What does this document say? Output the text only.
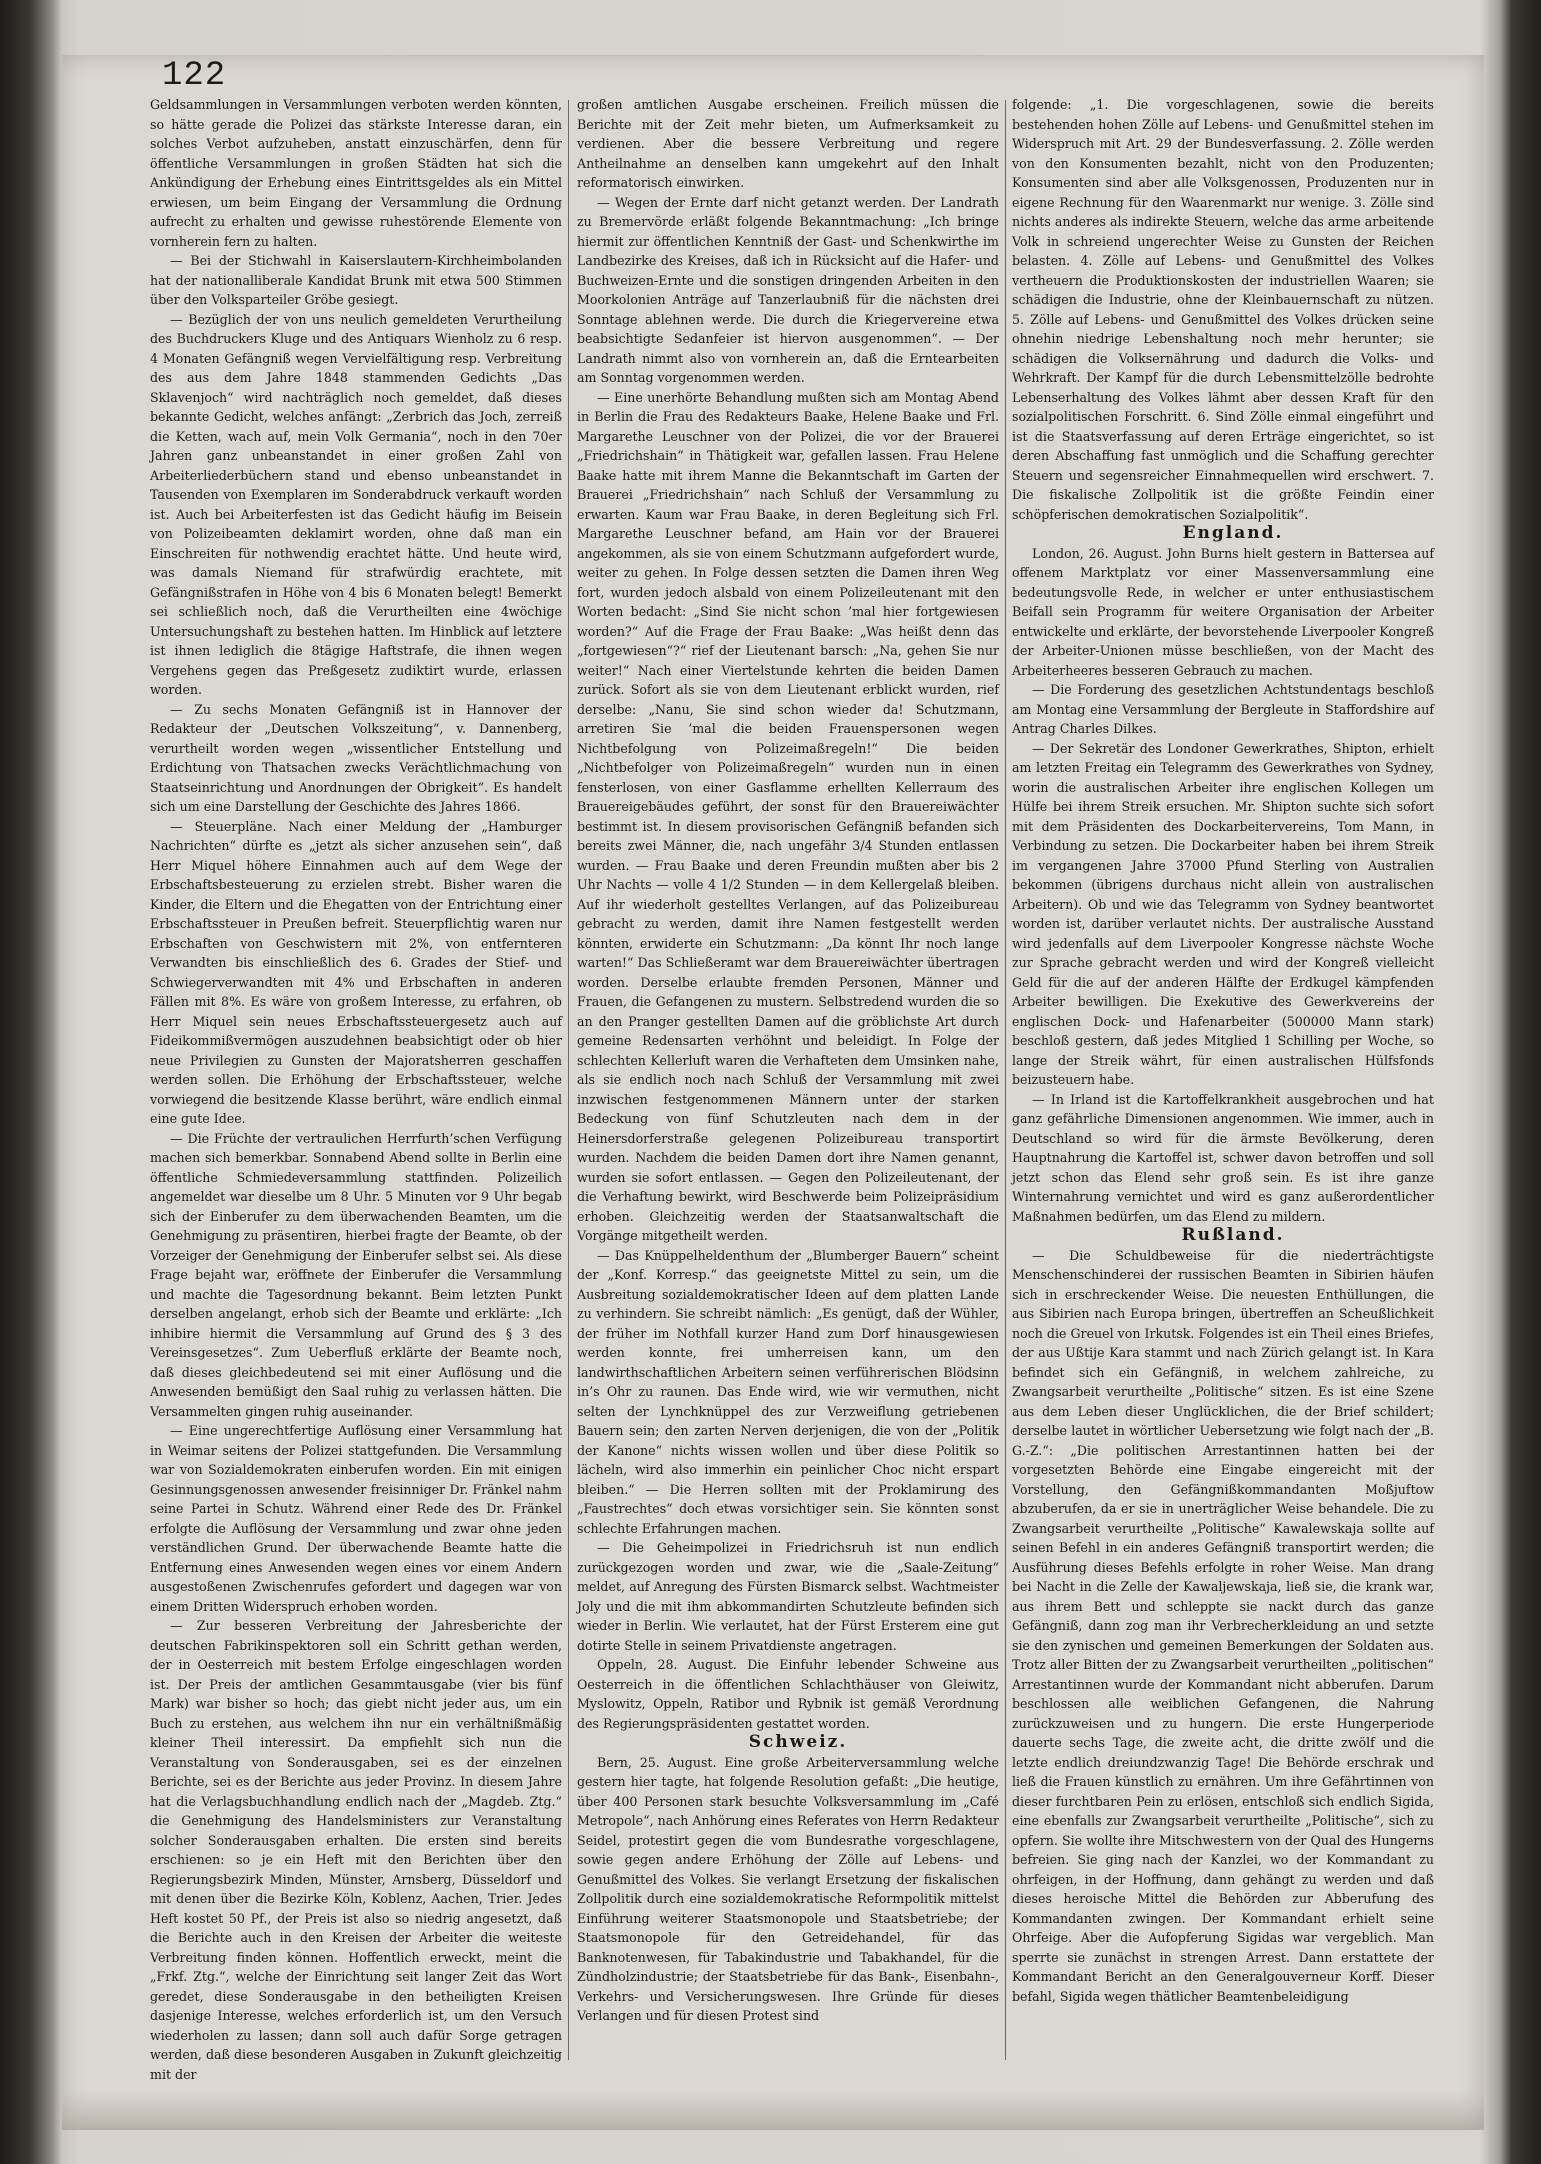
122

Geldsammlungen in Versammlungen verboten werden könnten, so hätte gerade die Polizei das stärkste Interesse daran, ein solches Verbot aufzuheben, anstatt einzuschärfen, denn für öffentliche Versammlungen in großen Städten hat sich die Ankündigung der Erhebung eines Eintrittsgeldes als ein Mittel erwiesen, um beim Eingang der Versammlung die Ordnung aufrecht zu erhalten und gewisse ruhestörende Elemente von vornherein fern zu halten.

— Bei der Stichwahl in Kaiserslautern-Kirchheimbolanden hat der nationalliberale Kandidat Brunk mit etwa 500 Stimmen über den Volksparteiler Gröbe gesiegt.

— Bezüglich der von uns neulich gemeldeten Verurtheilung des Buchdruckers Kluge und des Antiquars Wienholz zu 6 resp. 4 Monaten Gefängniß wegen Vervielfältigung resp. Verbreitung des aus dem Jahre 1848 stammenden Gedichts „Das Sklavenjoch“ wird nachträglich noch gemeldet, daß dieses bekannte Gedicht, welches anfängt: „Zerbrich das Joch, zerreiß die Ketten, wach auf, mein Volk Germania“, noch in den 70er Jahren ganz unbeanstandet in einer großen Zahl von Arbeiterliederbüchern stand und ebenso unbeanstandet in Tausenden von Exemplaren im Sonderabdruck verkauft worden ist. Auch bei Arbeiterfesten ist das Gedicht häufig im Beisein von Polizeibeamten deklamirt worden, ohne daß man ein Einschreiten für nothwendig erachtet hätte. Und heute wird, was damals Niemand für strafwürdig erachtete, mit Gefängnißstrafen in Höhe von 4 bis 6 Monaten belegt! Bemerkt sei schließlich noch, daß die Verurtheilten eine 4wöchige Untersuchungshaft zu bestehen hatten. Im Hinblick auf letztere ist ihnen lediglich die 8tägige Haftstrafe, die ihnen wegen Vergehens gegen das Preßgesetz zudiktirt wurde, erlassen worden.

— Zu sechs Monaten Gefängniß ist in Hannover der Redakteur der „Deutschen Volkszeitung“, v. Dannenberg, verurtheilt worden wegen „wissentlicher Entstellung und Erdichtung von Thatsachen zwecks Verächtlichmachung von Staatseinrichtung und Anordnungen der Obrigkeit“. Es handelt sich um eine Darstellung der Geschichte des Jahres 1866.

— Steuerpläne. Nach einer Meldung der „Hamburger Nachrichten“ dürfte es „jetzt als sicher anzusehen sein“, daß Herr Miquel höhere Einnahmen auch auf dem Wege der Erbschaftsbesteuerung zu erzielen strebt. Bisher waren die Kinder, die Eltern und die Ehegatten von der Entrichtung einer Erbschaftssteuer in Preußen befreit. Steuerpflichtig waren nur Erbschaften von Geschwistern mit 2%, von entfernteren Verwandten bis einschließlich des 6. Grades der Stief- und Schwiegerverwandten mit 4% und Erbschaften in anderen Fällen mit 8%. Es wäre von großem Interesse, zu erfahren, ob Herr Miquel sein neues Erbschaftssteuergesetz auch auf Fideikommißvermögen auszudehnen beabsichtigt oder ob hier neue Privilegien zu Gunsten der Majoratsherren geschaffen werden sollen. Die Erhöhung der Erbschaftssteuer, welche vorwiegend die besitzende Klasse berührt, wäre endlich einmal eine gute Idee.

— Die Früchte der vertraulichen Herrfurth’schen Verfügung machen sich bemerkbar. Sonnabend Abend sollte in Berlin eine öffentliche Schmiedeversammlung stattfinden. Polizeilich angemeldet war dieselbe um 8 Uhr. 5 Minuten vor 9 Uhr begab sich der Einberufer zu dem überwachenden Beamten, um die Genehmigung zu präsentiren, hierbei fragte der Beamte, ob der Vorzeiger der Genehmigung der Einberufer selbst sei. Als diese Frage bejaht war, eröffnete der Einberufer die Versammlung und machte die Tagesordnung bekannt. Beim letzten Punkt derselben angelangt, erhob sich der Beamte und erklärte: „Ich inhibire hiermit die Versammlung auf Grund des § 3 des Vereinsgesetzes“. Zum Ueberfluß erklärte der Beamte noch, daß dieses gleichbedeutend sei mit einer Auflösung und die Anwesenden bemüßigt den Saal ruhig zu verlassen hätten. Die Versammelten gingen ruhig auseinander.

— Eine ungerechtfertige Auflösung einer Versammlung hat in Weimar seitens der Polizei stattgefunden. Die Versammlung war von Sozialdemokraten einberufen worden. Ein mit einigen Gesinnungsgenossen anwesender freisinniger Dr. Fränkel nahm seine Partei in Schutz. Während einer Rede des Dr. Fränkel erfolgte die Auflösung der Versammlung und zwar ohne jeden verständlichen Grund. Der überwachende Beamte hatte die Entfernung eines Anwesenden wegen eines vor einem Andern ausgestoßenen Zwischenrufes gefordert und dagegen war von einem Dritten Widerspruch erhoben worden.

— Zur besseren Verbreitung der Jahresberichte der deutschen Fabrikinspektoren soll ein Schritt gethan werden, der in Oesterreich mit bestem Erfolge eingeschlagen worden ist. Der Preis der amtlichen Gesammtausgabe (vier bis fünf Mark) war bisher so hoch; das giebt nicht jeder aus, um ein Buch zu erstehen, aus welchem ihn nur ein verhältnißmäßig kleiner Theil interessirt. Da empfiehlt sich nun die Veranstaltung von Sonderausgaben, sei es der einzelnen Berichte, sei es der Berichte aus jeder Provinz. In diesem Jahre hat die Verlagsbuchhandlung endlich nach der „Magdeb. Ztg.“ die Genehmigung des Handelsministers zur Veranstaltung solcher Sonderausgaben erhalten. Die ersten sind bereits erschienen: so je ein Heft mit den Berichten über den Regierungsbezirk Minden, Münster, Arnsberg, Düsseldorf und mit denen über die Bezirke Köln, Koblenz, Aachen, Trier. Jedes Heft kostet 50 Pf., der Preis ist also so niedrig angesetzt, daß die Berichte auch in den Kreisen der Arbeiter die weiteste Verbreitung finden können. Hoffentlich erweckt, meint die „Frkf. Ztg.“, welche der Einrichtung seit langer Zeit das Wort geredet, diese Sonderausgabe in den betheiligten Kreisen dasjenige Interesse, welches erforderlich ist, um den Versuch wiederholen zu lassen; dann soll auch dafür Sorge getragen werden, daß diese besonderen Ausgaben in Zukunft gleichzeitig mit der

großen amtlichen Ausgabe erscheinen. Freilich müssen die Berichte mit der Zeit mehr bieten, um Aufmerksamkeit zu verdienen. Aber die bessere Verbreitung und regere Antheilnahme an denselben kann umgekehrt auf den Inhalt reformatorisch einwirken.

— Wegen der Ernte darf nicht getanzt werden. Der Landrath zu Bremervörde erläßt folgende Bekanntmachung: „Ich bringe hiermit zur öffentlichen Kenntniß der Gast- und Schenkwirthe im Landbezirke des Kreises, daß ich in Rücksicht auf die Hafer- und Buchweizen-Ernte und die sonstigen dringenden Arbeiten in den Moorkolonien Anträge auf Tanzerlaubniß für die nächsten drei Sonntage ablehnen werde. Die durch die Kriegervereine etwa beabsichtigte Sedanfeier ist hiervon ausgenommen“. — Der Landrath nimmt also von vornherein an, daß die Erntearbeiten am Sonntag vorgenommen werden.

— Eine unerhörte Behandlung mußten sich am Montag Abend in Berlin die Frau des Redakteurs Baake, Helene Baake und Frl. Margarethe Leuschner von der Polizei, die vor der Brauerei „Friedrichshain“ in Thätigkeit war, gefallen lassen. Frau Helene Baake hatte mit ihrem Manne die Bekanntschaft im Garten der Brauerei „Friedrichshain“ nach Schluß der Versammlung zu erwarten. Kaum war Frau Baake, in deren Begleitung sich Frl. Margarethe Leuschner befand, am Hain vor der Brauerei angekommen, als sie von einem Schutzmann aufgefordert wurde, weiter zu gehen. In Folge dessen setzten die Damen ihren Weg fort, wurden jedoch alsbald von einem Polizeileutenant mit den Worten bedacht: „Sind Sie nicht schon ’mal hier fortgewiesen worden?“ Auf die Frage der Frau Baake: „Was heißt denn das „fortgewiesen“?“ rief der Lieutenant barsch: „Na, gehen Sie nur weiter!“ Nach einer Viertelstunde kehrten die beiden Damen zurück. Sofort als sie von dem Lieutenant erblickt wurden, rief derselbe: „Nanu, Sie sind schon wieder da! Schutzmann, arretiren Sie ’mal die beiden Frauenspersonen wegen Nichtbefolgung von Polizeimaßregeln!“ Die beiden „Nichtbefolger von Polizeimaßregeln“ wurden nun in einen fensterlosen, von einer Gasflamme erhellten Kellerraum des Brauereigebäudes geführt, der sonst für den Brauereiwächter bestimmt ist. In diesem provisorischen Gefängniß befanden sich bereits zwei Männer, die, nach ungefähr 3/4 Stunden entlassen wurden. — Frau Baake und deren Freundin mußten aber bis 2 Uhr Nachts — volle 4 1/2 Stunden — in dem Kellergelaß bleiben. Auf ihr wiederholt gestelltes Verlangen, auf das Polizeibureau gebracht zu werden, damit ihre Namen festgestellt werden könnten, erwiderte ein Schutzmann: „Da könnt Ihr noch lange warten!“ Das Schließeramt war dem Brauereiwächter übertragen worden. Derselbe erlaubte fremden Personen, Männer und Frauen, die Gefangenen zu mustern. Selbstredend wurden die so an den Pranger gestellten Damen auf die gröblichste Art durch gemeine Redensarten verhöhnt und beleidigt. In Folge der schlechten Kellerluft waren die Verhafteten dem Umsinken nahe, als sie endlich noch nach Schluß der Versammlung mit zwei inzwischen festgenommenen Männern unter der starken Bedeckung von fünf Schutzleuten nach dem in der Heinersdorferstraße gelegenen Polizeibureau transportirt wurden. Nachdem die beiden Damen dort ihre Namen genannt, wurden sie sofort entlassen. — Gegen den Polizeileutenant, der die Verhaftung bewirkt, wird Beschwerde beim Polizeipräsidium erhoben. Gleichzeitig werden der Staatsanwaltschaft die Vorgänge mitgetheilt werden.

— Das Knüppelheldenthum der „Blumberger Bauern“ scheint der „Konf. Korresp.“ das geeignetste Mittel zu sein, um die Ausbreitung sozialdemokratischer Ideen auf dem platten Lande zu verhindern. Sie schreibt nämlich: „Es genügt, daß der Wühler, der früher im Nothfall kurzer Hand zum Dorf hinausgewiesen werden konnte, frei umherreisen kann, um den landwirthschaftlichen Arbeitern seinen verführerischen Blödsinn in’s Ohr zu raunen. Das Ende wird, wie wir vermuthen, nicht selten der Lynchknüppel des zur Verzweiflung getriebenen Bauern sein; den zarten Nerven derjenigen, die von der „Politik der Kanone“ nichts wissen wollen und über diese Politik so lächeln, wird also immerhin ein peinlicher Choc nicht erspart bleiben.“ — Die Herren sollten mit der Proklamirung des „Faustrechtes“ doch etwas vorsichtiger sein. Sie könnten sonst schlechte Erfahrungen machen.

— Die Geheimpolizei in Friedrichsruh ist nun endlich zurückgezogen worden und zwar, wie die „Saale-Zeitung“ meldet, auf Anregung des Fürsten Bismarck selbst. Wachtmeister Joly und die mit ihm abkommandirten Schutzleute befinden sich wieder in Berlin. Wie verlautet, hat der Fürst Ersterem eine gut dotirte Stelle in seinem Privatdienste angetragen.

Oppeln, 28. August. Die Einfuhr lebender Schweine aus Oesterreich in die öffentlichen Schlachthäuser von Gleiwitz, Myslowitz, Oppeln, Ratibor und Rybnik ist gemäß Verordnung des Regierungspräsidenten gestattet worden.

Schweiz.

Bern, 25. August. Eine große Arbeiterversammlung welche gestern hier tagte, hat folgende Resolution gefaßt: „Die heutige, über 400 Personen stark besuchte Volksversammlung im „Café Metropole“, nach Anhörung eines Referates von Herrn Redakteur Seidel, protestirt gegen die vom Bundesrathe vorgeschlagene, sowie gegen andere Erhöhung der Zölle auf Lebens- und Genußmittel des Volkes. Sie verlangt Ersetzung der fiskalischen Zollpolitik durch eine sozialdemokratische Reformpolitik mittelst Einführung weiterer Staatsmonopole und Staatsbetriebe; der Staatsmonopole für den Getreidehandel, für das Banknotenwesen, für Tabakindustrie und Tabakhandel, für die Zündholzindustrie; der Staatsbetriebe für das Bank-, Eisenbahn-, Verkehrs- und Versicherungswesen. Ihre Gründe für dieses Verlangen und für diesen Protest sind

folgende: „1. Die vorgeschlagenen, sowie die bereits bestehenden hohen Zölle auf Lebens- und Genußmittel stehen im Widerspruch mit Art. 29 der Bundesverfassung. 2. Zölle werden von den Konsumenten bezahlt, nicht von den Produzenten; Konsumenten sind aber alle Volksgenossen, Produzenten nur in eigene Rechnung für den Waarenmarkt nur wenige. 3. Zölle sind nichts anderes als indirekte Steuern, welche das arme arbeitende Volk in schreiend ungerechter Weise zu Gunsten der Reichen belasten. 4. Zölle auf Lebens- und Genußmittel des Volkes vertheuern die Produktionskosten der industriellen Waaren; sie schädigen die Industrie, ohne der Kleinbauernschaft zu nützen. 5. Zölle auf Lebens- und Genußmittel des Volkes drücken seine ohnehin niedrige Lebenshaltung noch mehr herunter; sie schädigen die Volksernährung und dadurch die Volks- und Wehrkraft. Der Kampf für die durch Lebensmittelzölle bedrohte Lebenserhaltung des Volkes lähmt aber dessen Kraft für den sozialpolitischen Forschritt. 6. Sind Zölle einmal eingeführt und ist die Staatsverfassung auf deren Erträge eingerichtet, so ist deren Abschaffung fast unmöglich und die Schaffung gerechter Steuern und segensreicher Einnahmequellen wird erschwert. 7. Die fiskalische Zollpolitik ist die größte Feindin einer schöpferischen demokratischen Sozialpolitik“.

England.

London, 26. August. John Burns hielt gestern in Battersea auf offenem Marktplatz vor einer Massenversammlung eine bedeutungsvolle Rede, in welcher er unter enthusiastischem Beifall sein Programm für weitere Organisation der Arbeiter entwickelte und erklärte, der bevorstehende Liverpooler Kongreß der Arbeiter-Unionen müsse beschließen, von der Macht des Arbeiterheeres besseren Gebrauch zu machen.

— Die Forderung des gesetzlichen Achtstundentags beschloß am Montag eine Versammlung der Bergleute in Staffordshire auf Antrag Charles Dilkes.

— Der Sekretär des Londoner Gewerkrathes, Shipton, erhielt am letzten Freitag ein Telegramm des Gewerkrathes von Sydney, worin die australischen Arbeiter ihre englischen Kollegen um Hülfe bei ihrem Streik ersuchen. Mr. Shipton suchte sich sofort mit dem Präsidenten des Dockarbeitervereins, Tom Mann, in Verbindung zu setzen. Die Dockarbeiter haben bei ihrem Streik im vergangenen Jahre 37000 Pfund Sterling von Australien bekommen (übrigens durchaus nicht allein von australischen Arbeitern). Ob und wie das Telegramm von Sydney beantwortet worden ist, darüber verlautet nichts. Der australische Ausstand wird jedenfalls auf dem Liverpooler Kongresse nächste Woche zur Sprache gebracht werden und wird der Kongreß vielleicht Geld für die auf der anderen Hälfte der Erdkugel kämpfenden Arbeiter bewilligen. Die Exekutive des Gewerkvereins der englischen Dock- und Hafenarbeiter (500000 Mann stark) beschloß gestern, daß jedes Mitglied 1 Schilling per Woche, so lange der Streik währt, für einen australischen Hülfsfonds beizusteuern habe.

— In Irland ist die Kartoffelkrankheit ausgebrochen und hat ganz gefährliche Dimensionen angenommen. Wie immer, auch in Deutschland so wird für die ärmste Bevölkerung, deren Hauptnahrung die Kartoffel ist, schwer davon betroffen und soll jetzt schon das Elend sehr groß sein. Es ist ihre ganze Winternahrung vernichtet und wird es ganz außerordentlicher Maßnahmen bedürfen, um das Elend zu mildern.

Rußland.

— Die Schuldbeweise für die niederträchtigste Menschenschinderei der russischen Beamten in Sibirien häufen sich in erschreckender Weise. Die neuesten Enthüllungen, die aus Sibirien nach Europa bringen, übertreffen an Scheußlichkeit noch die Greuel von Irkutsk. Folgendes ist ein Theil eines Briefes, der aus Ußtije Kara stammt und nach Zürich gelangt ist. In Kara befindet sich ein Gefängniß, in welchem zahlreiche, zu Zwangsarbeit verurtheilte „Politische“ sitzen. Es ist eine Szene aus dem Leben dieser Unglücklichen, die der Brief schildert; derselbe lautet in wörtlicher Uebersetzung wie folgt nach der „B. G.-Z.“: „Die politischen Arrestantinnen hatten bei der vorgesetzten Behörde eine Eingabe eingereicht mit der Vorstellung, den Gefängnißkommandanten Moßjuftow abzuberufen, da er sie in unerträglicher Weise behandele. Die zu Zwangsarbeit verurtheilte „Politische“ Kawalewskaja sollte auf seinen Befehl in ein anderes Gefängniß transportirt werden; die Ausführung dieses Befehls erfolgte in roher Weise. Man drang bei Nacht in die Zelle der Kawaljewskaja, ließ sie, die krank war, aus ihrem Bett und schleppte sie nackt durch das ganze Gefängniß, dann zog man ihr Verbrecherkleidung an und setzte sie den zynischen und gemeinen Bemerkungen der Soldaten aus. Trotz aller Bitten der zu Zwangsarbeit verurtheilten „politischen“ Arrestantinnen wurde der Kommandant nicht abberufen. Darum beschlossen alle weiblichen Gefangenen, die Nahrung zurückzuweisen und zu hungern. Die erste Hungerperiode dauerte sechs Tage, die zweite acht, die dritte zwölf und die letzte endlich dreiundzwanzig Tage! Die Behörde erschrak und ließ die Frauen künstlich zu ernähren. Um ihre Gefährtinnen von dieser furchtbaren Pein zu erlösen, entschloß sich endlich Sigida, eine ebenfalls zur Zwangsarbeit verurtheilte „Politische“, sich zu opfern. Sie wollte ihre Mitschwestern von der Qual des Hungerns befreien. Sie ging nach der Kanzlei, wo der Kommandant zu ohrfeigen, in der Hoffnung, dann gehängt zu werden und daß dieses heroische Mittel die Behörden zur Abberufung des Kommandanten zwingen. Der Kommandant erhielt seine Ohrfeige. Aber die Aufopferung Sigidas war vergeblich. Man sperrte sie zunächst in strengen Arrest. Dann erstattete der Kommandant Bericht an den Generalgouverneur Korff. Dieser befahl, Sigida wegen thätlicher Beamtenbeleidigung
